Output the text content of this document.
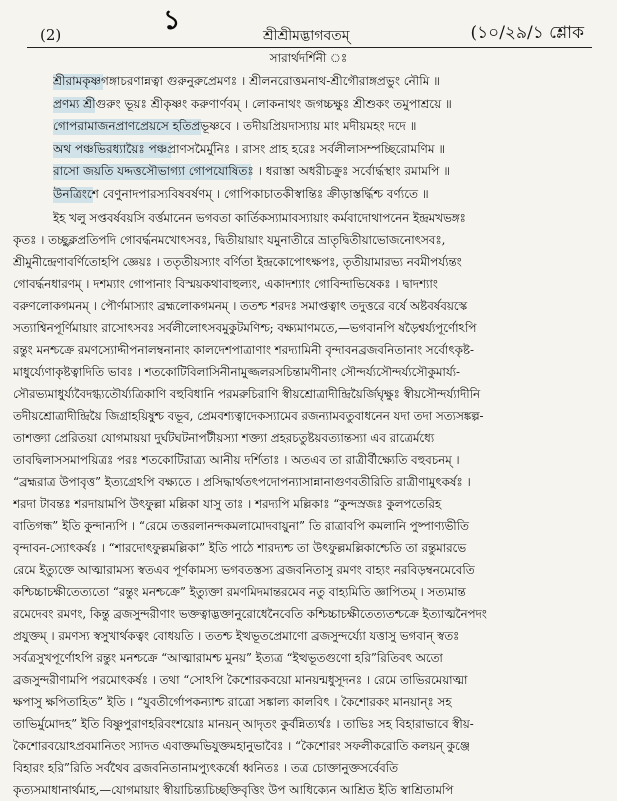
(2)	১	শ্রীশ্রীমদ্ভাগবতম্	(১০/২৯/১ শ্লোক
সারার্থদর্শিনী ঃ
শ্রীরামকৃষ্ণগঙ্গাচরণান্নত্বা গুরুনুরুপ্রেমণঃ । শ্রীলনরোত্তমনাথ-শ্রীগৌরাঙ্গপ্রভুং নৌমি ॥
প্রণম্য শ্রীগুরুং ভূয়ঃ শ্রীকৃষ্ণং করুণার্ণবম্ । লোকনাথং জগচ্চক্ষুঃ শ্রীশুকং তমুপাশ্রয়ে ॥
গোপরামাজনপ্রাণপ্রেয়সে হতিপ্রভূষ্ণবে । তদীয়প্রিয়দাস্যায় মাং মদীয়মহং দদে ॥
অথ পঞ্চভিরধ্যায়ৈঃ পঞ্চপ্রাণসমৈর্মুনিঃ । রাসং প্রাহ হরেঃ সর্বলীলাসম্পচ্ছিরোমণিম ॥
রাসো জয়তি যদ্দত্তসৌভাগ্যা গোপযোষিতঃ । ধরাস্তা অধরীচক্রুঃ সর্বোর্দ্ধস্থাং রমামপি ॥
উনত্রিংশে বেণুনাদপারস্যবিষবর্ষণম্ । গোপিকাচাতকীস্বান্তিঃ ক্রীড়াস্তর্দ্ধিশ্চ বর্ণ্যতে ॥
ইহ খলু সপ্তবর্ষবয়সি বর্ত্তমানেন ভগবতা কার্তিকস্যামাবস্যায়াং কর্মবাদোথাপনেন ইন্দ্রমখভঙ্গঃ
কৃতঃ । তচ্ছুক্লপ্রতিপদি গোবর্দ্ধনমখোৎসবঃ, দ্বিতীয়ায়াং যমুনাতীরে ভ্রাতৃদ্বিতীয়াভোজনোৎসবঃ,
শ্রীমুনীন্দ্রেণাবর্ণিতোহপি জ্ঞেয়ঃ । ততৃতীয়স্যাং বর্ণিতা ইন্দ্রকোপোৎক্ষপঃ, তৃতীয়ামারভ্য নবমীপর্য্যন্তং
গোবর্দ্ধনধারণম্ । দশম্যাং গোপানাং বিস্ময়কথাবাহুল্যং, একাদশ্যাং গোবিন্দাভিষেকঃ । দ্বাদশ্যাং
বরুণলোকগমনম্ । পৌর্ণমাস্যাং ব্রহ্মলোকগমনম্ । ততশ্চ শরদঃ সমাপ্তত্বাৎ তদুত্তরে বর্ষে অষ্টবর্ষবয়স্কে
সত্যাশ্বিনপূর্ণিমায়াং রাসোৎসবঃ সর্বলীলোৎসবমুকুটমণিশ্চ; বক্ষ্যমাণমতে,—ভগবানপি ষড়ৈশ্বর্য্যপূর্ণোঽপি
রন্তুং মনশ্চক্রে রমণস্যোদ্দীপনালম্বনানাং কালদেশপাত্রাণাং শরদ্যামিনী বৃন্দাবনব্রজবনিতানাং সর্বোৎকৃষ্ট-
মাধুর্য্যেণাকৃষ্টত্বাদিতি ভাবঃ । শতকোটিবিলাসিনীনামুজ্জলরসচিন্তামণীনাং সৌন্দর্য্যসৌন্দর্য্যসৌকুমার্য্য-
সৌরভ্যমাধুর্য্যবৈদগ্ধ্যতৌর্য্যত্রিকাণি বহুবিধানি পরমরুচিরাণি স্বীয়শ্রোত্রাদীন্দ্রিয়ৈর্জিঘৃক্ষুঃ স্বীয়সৌন্দর্য্যাদীনি
তদীয়শ্রোত্রাদীন্দ্রিয়ৈ জিগ্রাহয়িষুশ্চ বভূব, প্রেমবশ্যত্বাদেকস্যামেব রজন্যামবতুবাধনেন যদা তদা সত্যসঙ্কল্প-
তাশক্ত্যা প্রেরিতয়া যোগমায়য়া দুর্ঘটঘটনাপটীয়স্যা শক্ত্যা প্রহরচতুষ্টয়বত্যান্তস্যা এব রাত্রের্মধ্যে
তাবদ্বিলাসসমাপয়িত্রঃ পরঃ শতকোটিরাত্র্য আনীয় দর্শিতাঃ । অতএব তা রাত্রীর্বীক্ষ্যেতি বহুবচনম্ ।
“ব্রহ্মরাত্র উপাবৃত্ত” ইত্যগ্রেঽপি বক্ষ্যতে । প্রসিদ্ধার্থতৎপদোপন্যাসান্নানাগুণবতীরিতি রাত্রীণামুৎকর্ষঃ ।
শরদা টাবন্তঃ শরদায়ামপি উৎফুল্লা মল্লিকা যাসু তাঃ । শরদ্যপি মল্লিকাঃ “কুন্দস্রজঃ কুলপতেরিহ
বাতিগন্ধ” ইতি কুন্দান্যপি । “রেমে তত্তরলানন্দকমলামোদবায়ুনা” তি রাত্রাবপি কমলানি পুষ্পাণ্যভীতি
বৃন্দাবন-স্যোৎকর্ষঃ । “শারদোৎফুল্লমল্লিকা” ইতি পাঠে শারদ্যশ্চ তা উৎফুল্লমল্লিকাশ্চেতি তা রন্তুমারভে
রেমে ইত্যুক্তে আত্মারামস্য স্বতএব পূর্ণকামস্য ভগবতস্তস্য ব্রজবনিতাসু রমণং বাহ্যং নরবিড়ম্বনমেবেতি
কশ্চিচ্চাচক্ষীতেত্যতো “রন্তুং মনশ্চক্রে” ইত্যুক্তা রমণমিদমান্তরমেব নতু বাহ্যমিতি জ্ঞাপিতম্ । সত্যমান্ত
রমেদেবং রমণং, কিন্তু ব্রজসুন্দরীণাং ভক্তত্বাদ্ভক্তানুরোধেনৈবেতি কশ্চিচ্চাচক্ষীতেত্যতশ্চক্রে ইত্যাত্মনৈপদং
প্রযুক্তম্ । রমণস্য স্বসুখার্থকত্বং বোধয়তি । ততশ্চ ইত্থভূতপ্রেমাণো ব্রজসুন্দর্য্যো যত্তাসু ভগবান্ স্বতঃ
সর্বত্রসুখপূর্ণোঽপি রন্তুং মনশ্চক্রে “আত্মারামশ্চ মুনয়” ইত্যত্র “ইত্থভূতগুণো হরি”রিতিবৎ অতো
ব্রজসুন্দরীণামপি পরমোৎকর্ষঃ । তথা “সোঽপি কৈশোরকবয়ো মানয়ন্মধুসূদনঃ । রেমে তাভিরমেয়াত্মা
ক্ষপাসু ক্ষপিতাহিত” ইতি । “যুবতীর্গোপকন্যাশ্চ রাত্রো সঙ্কাল্য কালবিৎ । কৈশোরকং মানয়ান্ঃ সহ
তাভির্মুমোদহ” ইতি বিষ্ণুপুরাণহরিবংশয়োঃ মানয়ন্ আদৃতং কুর্বন্নিত্যর্থঃ । তাভিঃ সহ বিহারাভাবে স্বীয়-
কৈশোরবয়োঽপ্রবমানিতং স্যাদত এবাক্তমভিযুক্তমহানুভাবৈঃ । “কৈশোরং সফলীকরোতি কলয়ন্ কুঞ্জে
বিহারং হরি”রিতি সর্বথৈব ব্রজবনিতানামপ্যুৎকর্ষো ধ্বনিতঃ । তত্র চোক্তানুক্তসর্বেবতি
কৃত্যসমাধানার্থমাহ,—যোগমায়াং স্বীয়াচিন্ত্যচিচ্ছক্তিবৃত্তিং উপ আধিক্যেন আশ্রিত ইতি স্বাশ্রিতামপি
